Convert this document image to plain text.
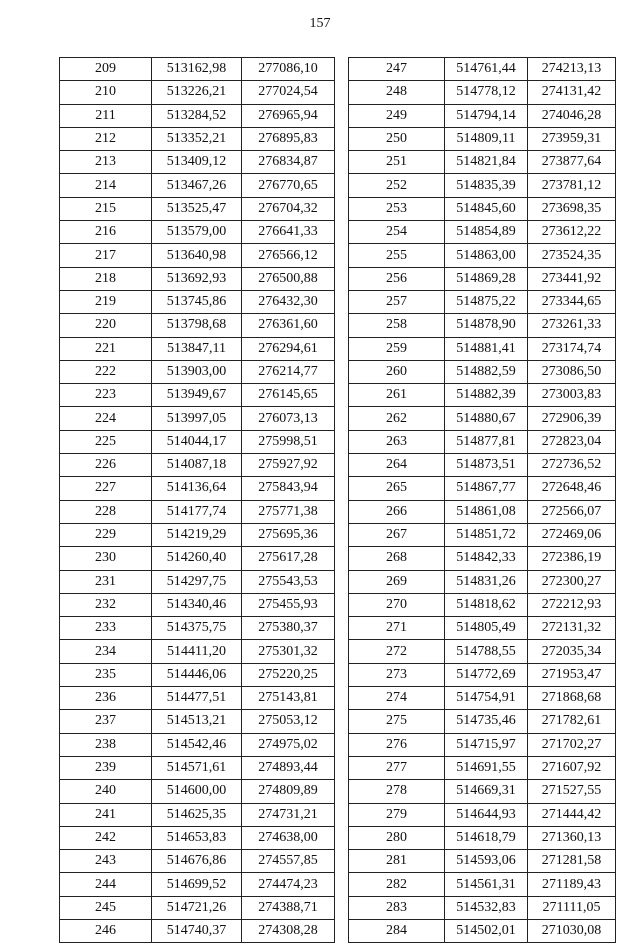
157
209	513162,98	277086,10
210	513226,21	277024,54
211	513284,52	276965,94
212	513352,21	276895,83
213	513409,12	276834,87
214	513467,26	276770,65
215	513525,47	276704,32
216	513579,00	276641,33
217	513640,98	276566,12
218	513692,93	276500,88
219	513745,86	276432,30
220	513798,68	276361,60
221	513847,11	276294,61
222	513903,00	276214,77
223	513949,67	276145,65
224	513997,05	276073,13
225	514044,17	275998,51
226	514087,18	275927,92
227	514136,64	275843,94
228	514177,74	275771,38
229	514219,29	275695,36
230	514260,40	275617,28
231	514297,75	275543,53
232	514340,46	275455,93
233	514375,75	275380,37
234	514411,20	275301,32
235	514446,06	275220,25
236	514477,51	275143,81
237	514513,21	275053,12
238	514542,46	274975,02
239	514571,61	274893,44
240	514600,00	274809,89
241	514625,35	274731,21
242	514653,83	274638,00
243	514676,86	274557,85
244	514699,52	274474,23
245	514721,26	274388,71
246	514740,37	274308,28
247	514761,44	274213,13
248	514778,12	274131,42
249	514794,14	274046,28
250	514809,11	273959,31
251	514821,84	273877,64
252	514835,39	273781,12
253	514845,60	273698,35
254	514854,89	273612,22
255	514863,00	273524,35
256	514869,28	273441,92
257	514875,22	273344,65
258	514878,90	273261,33
259	514881,41	273174,74
260	514882,59	273086,50
261	514882,39	273003,83
262	514880,67	272906,39
263	514877,81	272823,04
264	514873,51	272736,52
265	514867,77	272648,46
266	514861,08	272566,07
267	514851,72	272469,06
268	514842,33	272386,19
269	514831,26	272300,27
270	514818,62	272212,93
271	514805,49	272131,32
272	514788,55	272035,34
273	514772,69	271953,47
274	514754,91	271868,68
275	514735,46	271782,61
276	514715,97	271702,27
277	514691,55	271607,92
278	514669,31	271527,55
279	514644,93	271444,42
280	514618,79	271360,13
281	514593,06	271281,58
282	514561,31	271189,43
283	514532,83	271111,05
284	514502,01	271030,08
